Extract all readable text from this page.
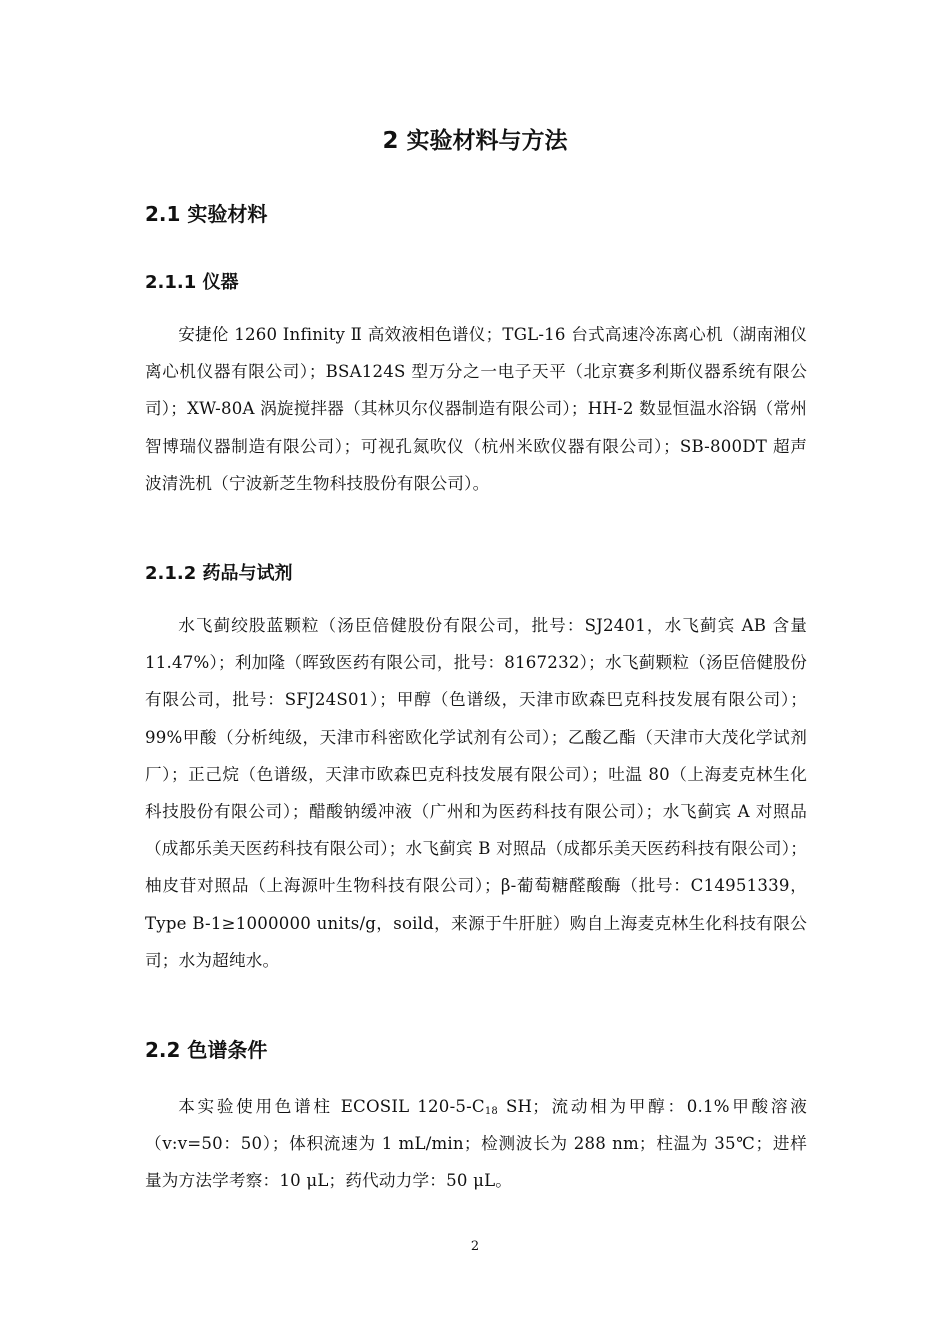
2 实验材料与方法
2.1 实验材料
2.1.1 仪器

安捷伦 1260 Infinity Ⅱ 高效液相色谱仪；TGL-16 台式高速冷冻离心机（湖南湘仪离心机仪器有限公司）；BSA124S 型万分之一电子天平（北京赛多利斯仪器系统有限公司）；XW-80A 涡旋搅拌器（其林贝尔仪器制造有限公司）；HH-2 数显恒温水浴锅（常州智博瑞仪器制造有限公司）；可视孔氮吹仪（杭州米欧仪器有限公司）；SB-800DT 超声波清洗机（宁波新芝生物科技股份有限公司）。

2.1.2 药品与试剂

水飞蓟绞股蓝颗粒（汤臣倍健股份有限公司，批号：SJ2401，水飞蓟宾 AB 含量 11.47%）；利加隆（晖致医药有限公司，批号：8167232）；水飞蓟颗粒（汤臣倍健股份有限公司，批号：SFJ24S01）；甲醇（色谱级，天津市欧森巴克科技发展有限公司）；99%甲酸（分析纯级，天津市科密欧化学试剂有公司）；乙酸乙酯（天津市大茂化学试剂厂）；正己烷（色谱级，天津市欧森巴克科技发展有限公司）；吐温 80（上海麦克林生化科技股份有限公司）；醋酸钠缓冲液（广州和为医药科技有限公司）；水飞蓟宾 A 对照品（成都乐美天医药科技有限公司）；水飞蓟宾 B 对照品（成都乐美天医药科技有限公司）；柚皮苷对照品（上海源叶生物科技有限公司）；β-葡萄糖醛酸酶（批号：C14951339，Type B-1≥1000000 units/g，soild，来源于牛肝脏）购自上海麦克林生化科技有限公司；水为超纯水。

2.2 色谱条件

本实验使用色谱柱 ECOSIL $120-5-C_{18}$ SH；流动相为甲醇：0.1%甲酸溶液（v:v=50：50）；体积流速为 1 mL/min；检测波长为 288 nm；柱温为 35℃；进样量为方法学考察：10 μL；药代动力学：50 μL。

2
